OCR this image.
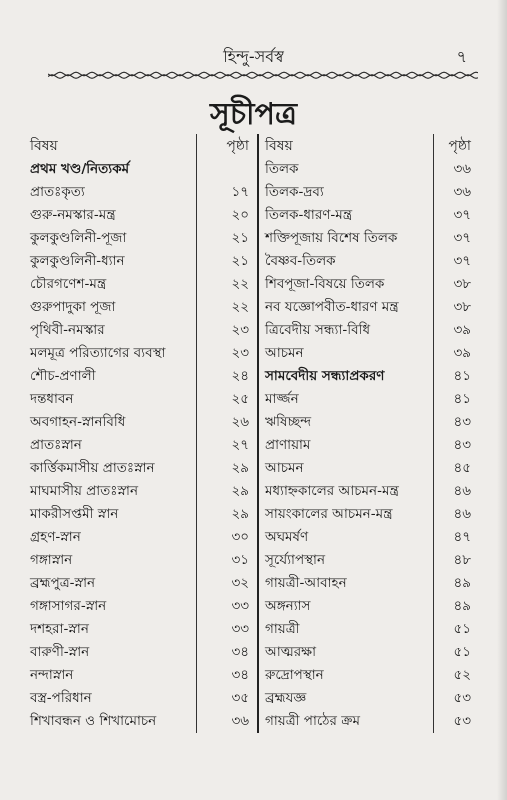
হিন্দু-সর্বস্ব	৭
সূচীপত্র
বিষয়	পৃষ্ঠা	বিষয়	পৃষ্ঠা
প্রথম খণ্ড/নিত্যকর্ম		তিলক	৩৬
প্রাতঃকৃত্য	১৭	তিলক-দ্রব্য	৩৬
গুরু-নমস্কার-মন্ত্র	২০	তিলক-ধারণ-মন্ত্র	৩৭
কুলকুণ্ডলিনী-পূজা	২১	শক্তিপূজায় বিশেষ তিলক	৩৭
কুলকুণ্ডলিনী-ধ্যান	২১	বৈষ্ণব-তিলক	৩৭
চৌরগণেশ-মন্ত্র	২২	শিবপূজা-বিষয়ে তিলক	৩৮
গুরুপাদুকা পূজা	২২	নব যজ্ঞোপবীত-ধারণ মন্ত্র	৩৮
পৃথিবী-নমস্কার	২৩	ত্রিবেদীয় সন্ধ্যা-বিধি	৩৯
মলমূত্র পরিত্যাগের ব্যবস্থা	২৩	আচমন	৩৯
শৌচ-প্রণালী	২৪	সামবেদীয় সন্ধ্যাপ্রকরণ	৪১
দন্তধাবন	২৫	মার্জ্জন	৪১
অবগাহন-স্নানবিধি	২৬	ঋষিচ্ছন্দ	৪৩
প্রাতঃস্নান	২৭	প্রাণায়াম	৪৩
কার্ত্তিকমাসীয় প্রাতঃস্নান	২৯	আচমন	৪৫
মাঘমাসীয় প্রাতঃস্নান	২৯	মধ্যাহ্নকালের আচমন-মন্ত্র	৪৬
মাকরীসপ্তমী স্নান	২৯	সায়ংকালের আচমন-মন্ত্র	৪৬
গ্রহণ-স্নান	৩০	অঘমর্ষণ	৪৭
গঙ্গাস্নান	৩১	সূর্য্যোপস্থান	৪৮
ব্রহ্মপুত্র-স্নান	৩২	গায়ত্রী-আবাহন	৪৯
গঙ্গাসাগর-স্নান	৩৩	অঙ্গন্যাস	৪৯
দশহরা-স্নান	৩৩	গায়ত্রী	৫১
বারুণী-স্নান	৩৪	আত্মরক্ষা	৫১
নন্দাস্নান	৩৪	রুদ্রোপস্থান	৫২
বস্ত্র-পরিধান	৩৫	ব্রহ্মযজ্ঞ	৫৩
শিখাবন্ধন ও শিখামোচন	৩৬	গায়ত্রী পাঠের ক্রম	৫৩
